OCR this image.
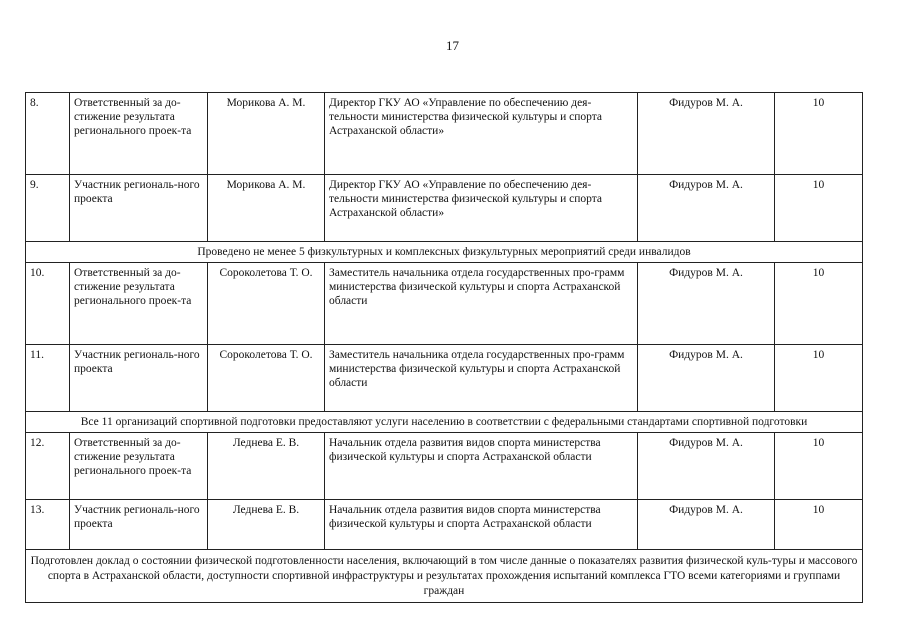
17
8.	Ответственный за до-стижение результата регионального проек-та	Морикова А. М.	Директор ГКУ АО «Управление по обеспечению дея-тельности министерства физической культуры и спорта Астраханской области»	Фидуров М. А.	10
9.	Участник региональ-ного проекта	Морикова А. М.	Директор ГКУ АО «Управление по обеспечению дея-тельности министерства физической культуры и спорта Астраханской области»	Фидуров М. А.	10
Проведено не менее 5 физкультурных и комплексных физкультурных мероприятий среди инвалидов					
10.	Ответственный за до-стижение результата регионального проек-та	Сороколетова Т. О.	Заместитель начальника отдела государственных про-грамм министерства физической культуры и спорта Астраханской области	Фидуров М. А.	10
11.	Участник региональ-ного проекта	Сороколетова Т. О.	Заместитель начальника отдела государственных про-грамм министерства физической культуры и спорта Астраханской области	Фидуров М. А.	10
Все 11 организаций спортивной подготовки предоставляют услуги населению в соответствии с федеральными стандартами спортивной подготовки					
12.	Ответственный за до-стижение результата регионального проек-та	Леднева Е. В.	Начальник отдела развития видов спорта министерства физической культуры и спорта Астраханской области	Фидуров М. А.	10
13.	Участник региональ-ного проекта	Леднева Е. В.	Начальник отдела развития видов спорта министерства физической культуры и спорта Астраханской области	Фидуров М. А.	10
Подготовлен доклад о состоянии физической подготовленности населения, включающий в том числе данные о показателях развития физической куль-туры и массового спорта в Астраханской области, доступности спортивной инфраструктуры и результатах прохождения испытаний комплекса ГТО всеми категориями и группами граждан					
